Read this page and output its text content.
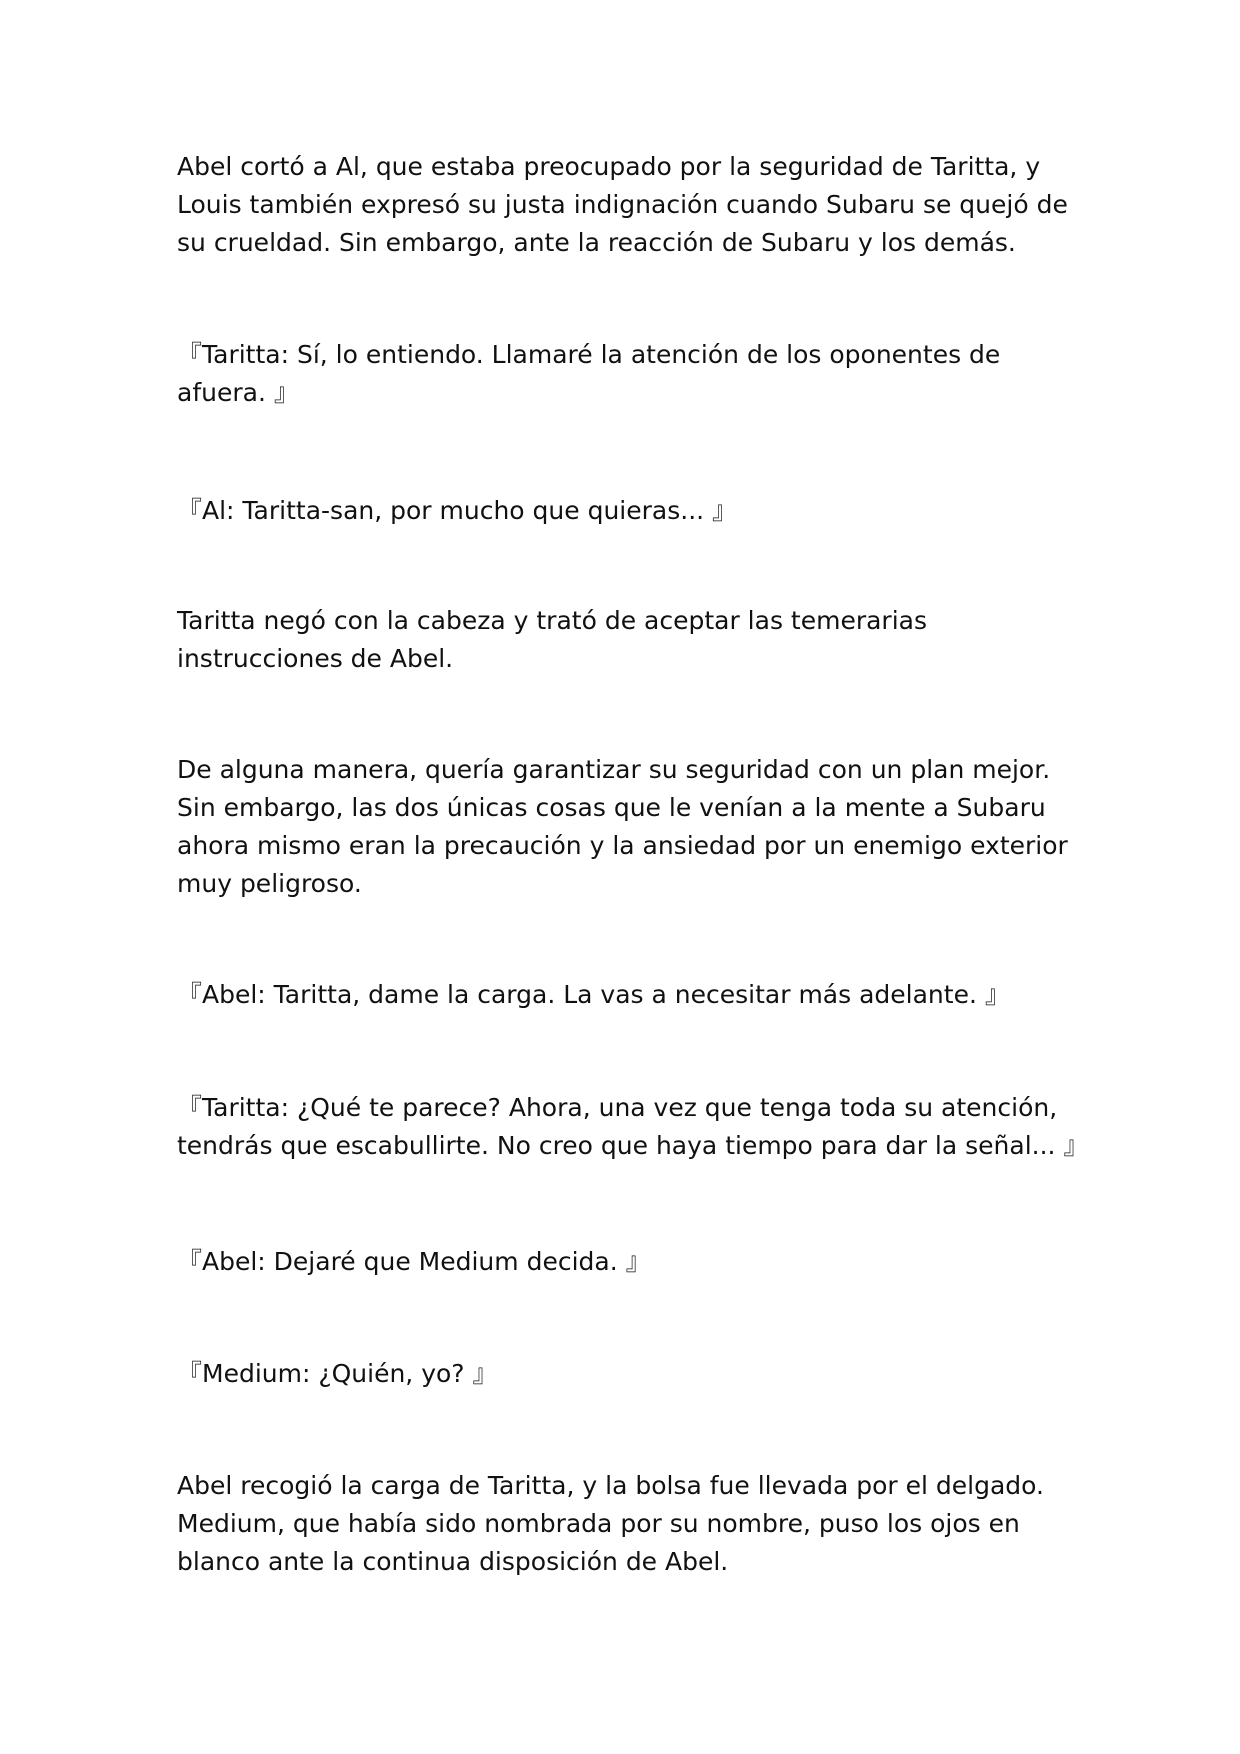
Abel cortó a Al, que estaba preocupado por la seguridad de Taritta, y Louis también expresó su justa indignación cuando Subaru se quejó de su crueldad. Sin embargo, ante la reacción de Subaru y los demás.

『Taritta: Sí, lo entiendo. Llamaré la atención de los oponentes de afuera. 』

『Al: Taritta-san, por mucho que quieras... 』

Taritta negó con la cabeza y trató de aceptar las temerarias instrucciones de Abel.

De alguna manera, quería garantizar su seguridad con un plan mejor. Sin embargo, las dos únicas cosas que le venían a la mente a Subaru ahora mismo eran la precaución y la ansiedad por un enemigo exterior muy peligroso.

『Abel: Taritta, dame la carga. La vas a necesitar más adelante. 』

『Taritta: ¿Qué te parece? Ahora, una vez que tenga toda su atención, tendrás que escabullirte. No creo que haya tiempo para dar la señal... 』

『Abel: Dejaré que Medium decida. 』

『Medium: ¿Quién, yo? 』

Abel recogió la carga de Taritta, y la bolsa fue llevada por el delgado. Medium, que había sido nombrada por su nombre, puso los ojos en blanco ante la continua disposición de Abel.
